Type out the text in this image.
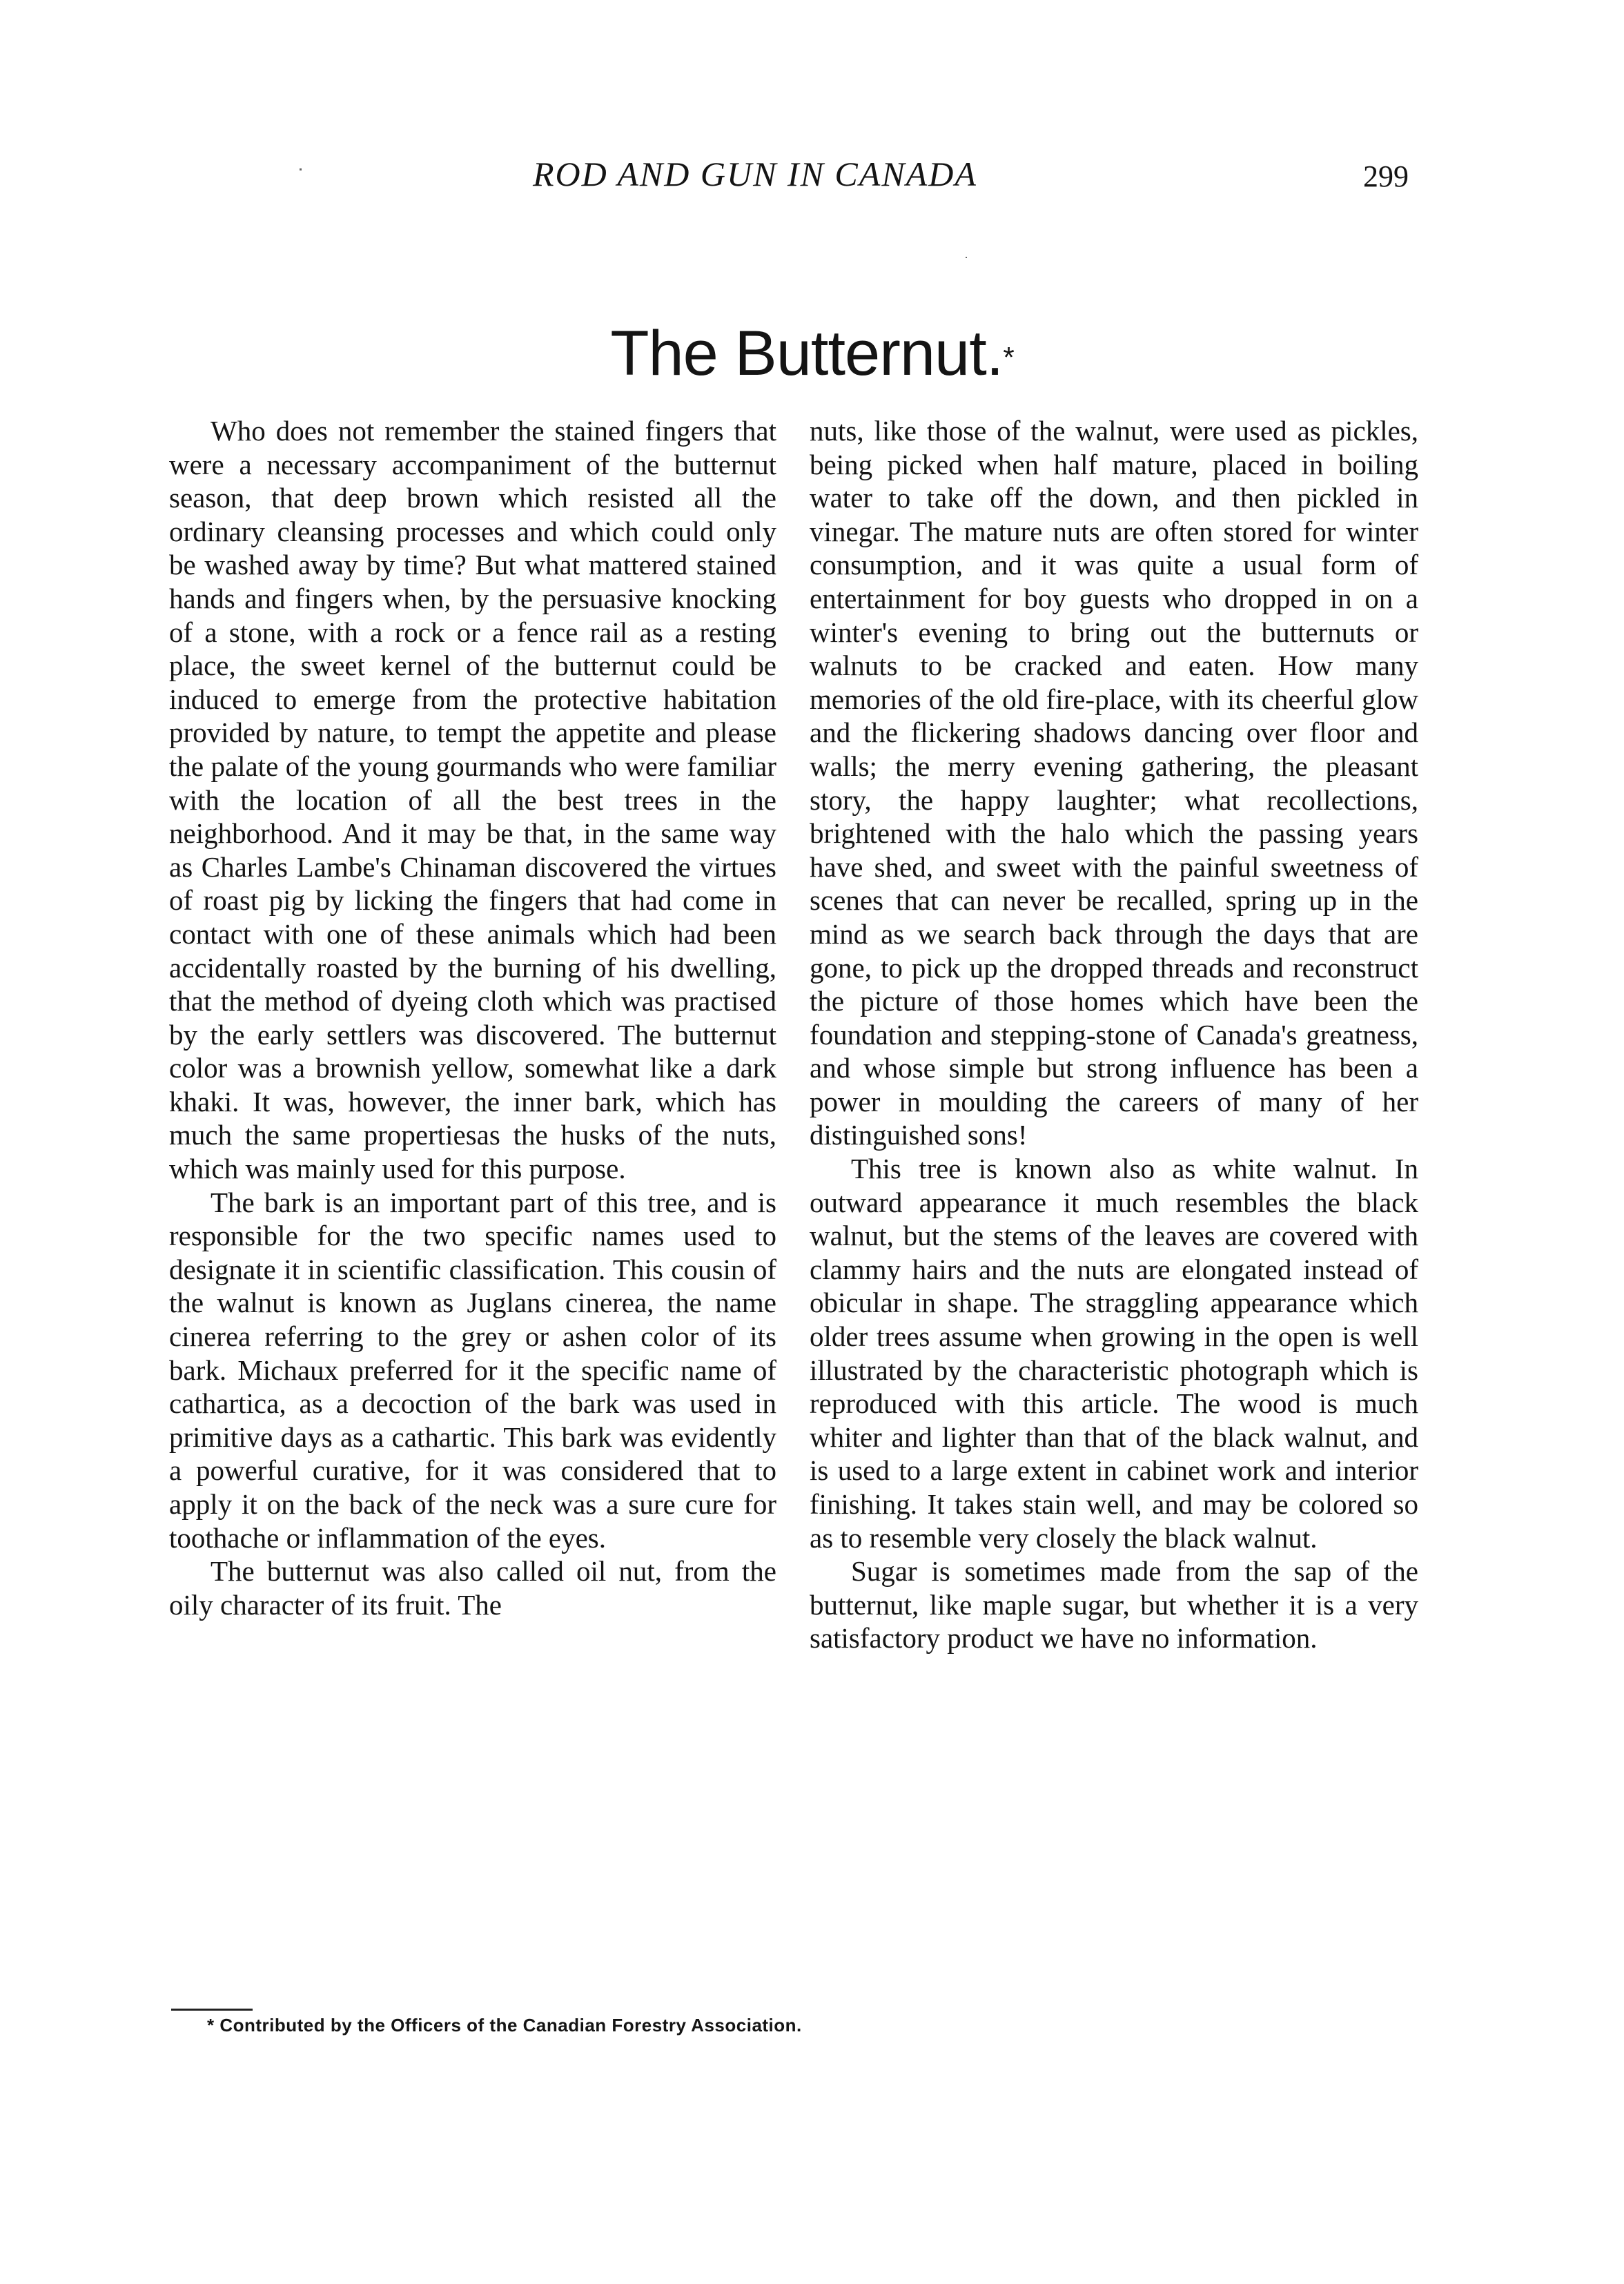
ROD AND GUN IN CANADA	299
The Butternut.*

Who does not remember the stained fingers that were a necessary accompaniment of the butternut season, that deep brown which resisted all the ordinary cleansing processes and which could only be washed away by time? But what mattered stained hands and fingers when, by the persuasive knocking of a stone, with a rock or a fence rail as a resting place, the sweet kernel of the butternut could be induced to emerge from the protective habitation provided by nature, to tempt the appetite and please the palate of the young gourmands who were familiar with the location of all the best trees in the neighborhood. And it may be that, in the same way as Charles Lambe's Chinaman discovered the virtues of roast pig by licking the fingers that had come in contact with one of these animals which had been accidentally roasted by the burning of his dwelling, that the method of dyeing cloth which was practised by the early settlers was discovered. The butternut color was a brownish yellow, somewhat like a dark khaki. It was, however, the inner bark, which has much the same propertiesas the husks of the nuts, which was mainly used for this purpose.

The bark is an important part of this tree, and is responsible for the two specific names used to designate it in scientific classification. This cousin of the walnut is known as Juglans cinerea, the name cinerea referring to the grey or ashen color of its bark. Michaux preferred for it the specific name of cathartica, as a decoction of the bark was used in primitive days as a cathartic. This bark was evidently a powerful curative, for it was considered that to apply it on the back of the neck was a sure cure for toothache or inflammation of the eyes.

The butternut was also called oil nut, from the oily character of its fruit. The

nuts, like those of the walnut, were used as pickles, being picked when half mature, placed in boiling water to take off the down, and then pickled in vinegar. The mature nuts are often stored for winter consumption, and it was quite a usual form of entertainment for boy guests who dropped in on a winter's evening to bring out the butternuts or walnuts to be cracked and eaten. How many memories of the old fire-place, with its cheerful glow and the flickering shadows dancing over floor and walls; the merry evening gathering, the pleasant story, the happy laughter; what recollections, brightened with the halo which the passing years have shed, and sweet with the painful sweetness of scenes that can never be recalled, spring up in the mind as we search back through the days that are gone, to pick up the dropped threads and reconstruct the picture of those homes which have been the foundation and stepping-stone of Canada's greatness, and whose simple but strong influence has been a power in moulding the careers of many of her distinguished sons!

This tree is known also as white walnut. In outward appearance it much resembles the black walnut, but the stems of the leaves are covered with clammy hairs and the nuts are elongated instead of obicular in shape. The straggling appearance which older trees assume when growing in the open is well illustrated by the characteristic photograph which is reproduced with this article. The wood is much whiter and lighter than that of the black walnut, and is used to a large extent in cabinet work and interior finishing. It takes stain well, and may be colored so as to resemble very closely the black walnut.

Sugar is sometimes made from the sap of the butternut, like maple sugar, but whether it is a very satisfactory product we have no information.

* Contributed by the Officers of the Canadian Forestry Association.
